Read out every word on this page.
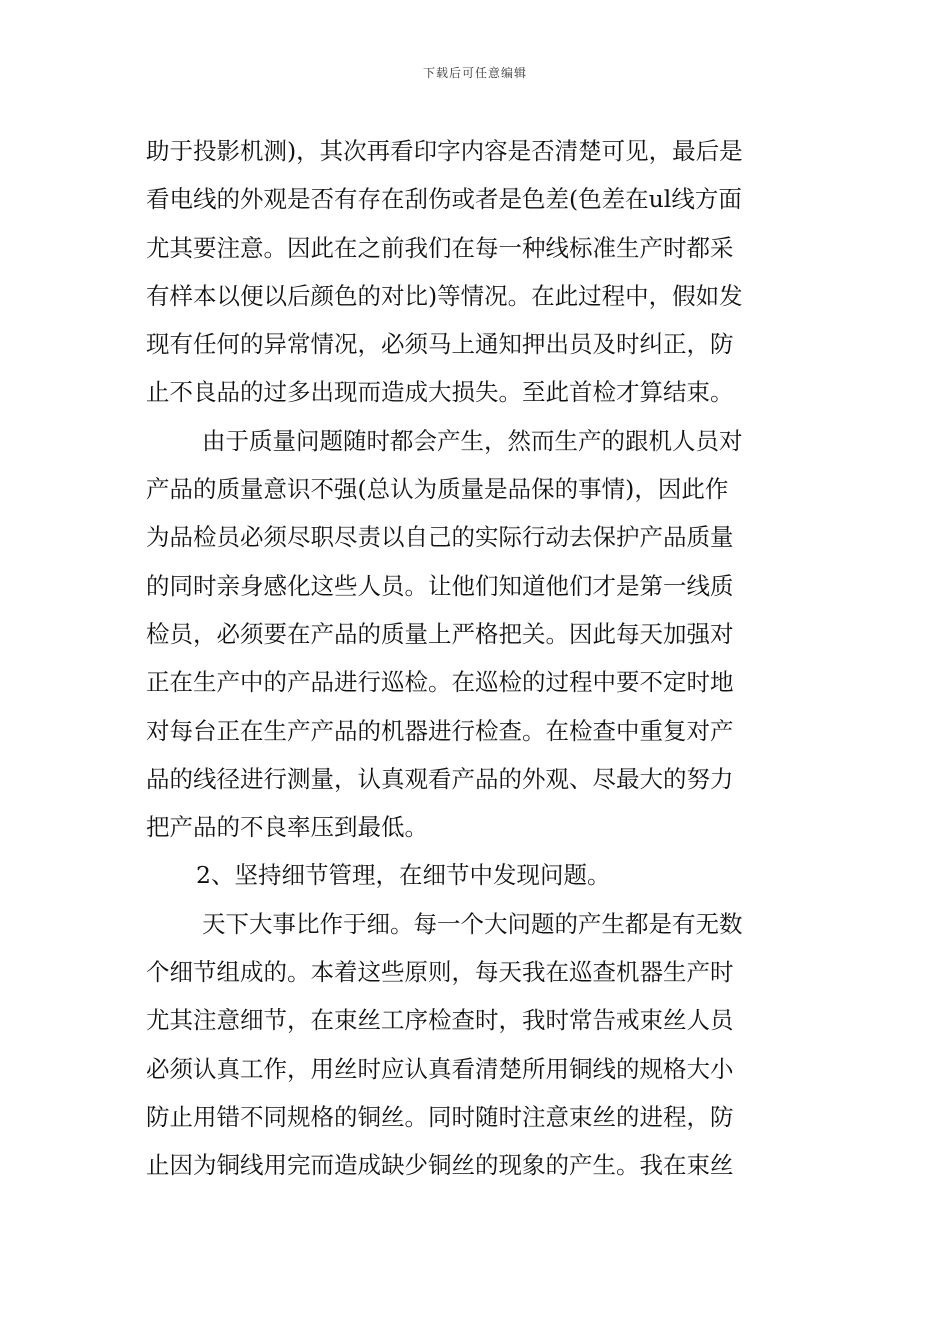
下载后可任意编辑
助于投影机测)，其次再看印字内容是否清楚可见，最后是
看电线的外观是否有存在刮伤或者是色差(色差在ul线方面
尤其要注意。因此在之前我们在每一种线标准生产时都采
有样本以便以后颜色的对比)等情况。在此过程中，假如发
现有任何的异常情况，必须马上通知押出员及时纠正，防
止不良品的过多出现而造成大损失。至此首检才算结束。
由于质量问题随时都会产生，然而生产的跟机人员对
产品的质量意识不强(总认为质量是品保的事情)，因此作
为品检员必须尽职尽责以自己的实际行动去保护产品质量
的同时亲身感化这些人员。让他们知道他们才是第一线质
检员，必须要在产品的质量上严格把关。因此每天加强对
正在生产中的产品进行巡检。在巡检的过程中要不定时地
对每台正在生产产品的机器进行检查。在检查中重复对产
品的线径进行测量，认真观看产品的外观、尽最大的努力
把产品的不良率压到最低。
2、坚持细节管理，在细节中发现问题。
天下大事比作于细。每一个大问题的产生都是有无数
个细节组成的。本着这些原则，每天我在巡查机器生产时
尤其注意细节，在束丝工序检查时，我时常告戒束丝人员
必须认真工作，用丝时应认真看清楚所用铜线的规格大小
防止用错不同规格的铜丝。同时随时注意束丝的进程，防
止因为铜线用完而造成缺少铜丝的现象的产生。我在束丝
